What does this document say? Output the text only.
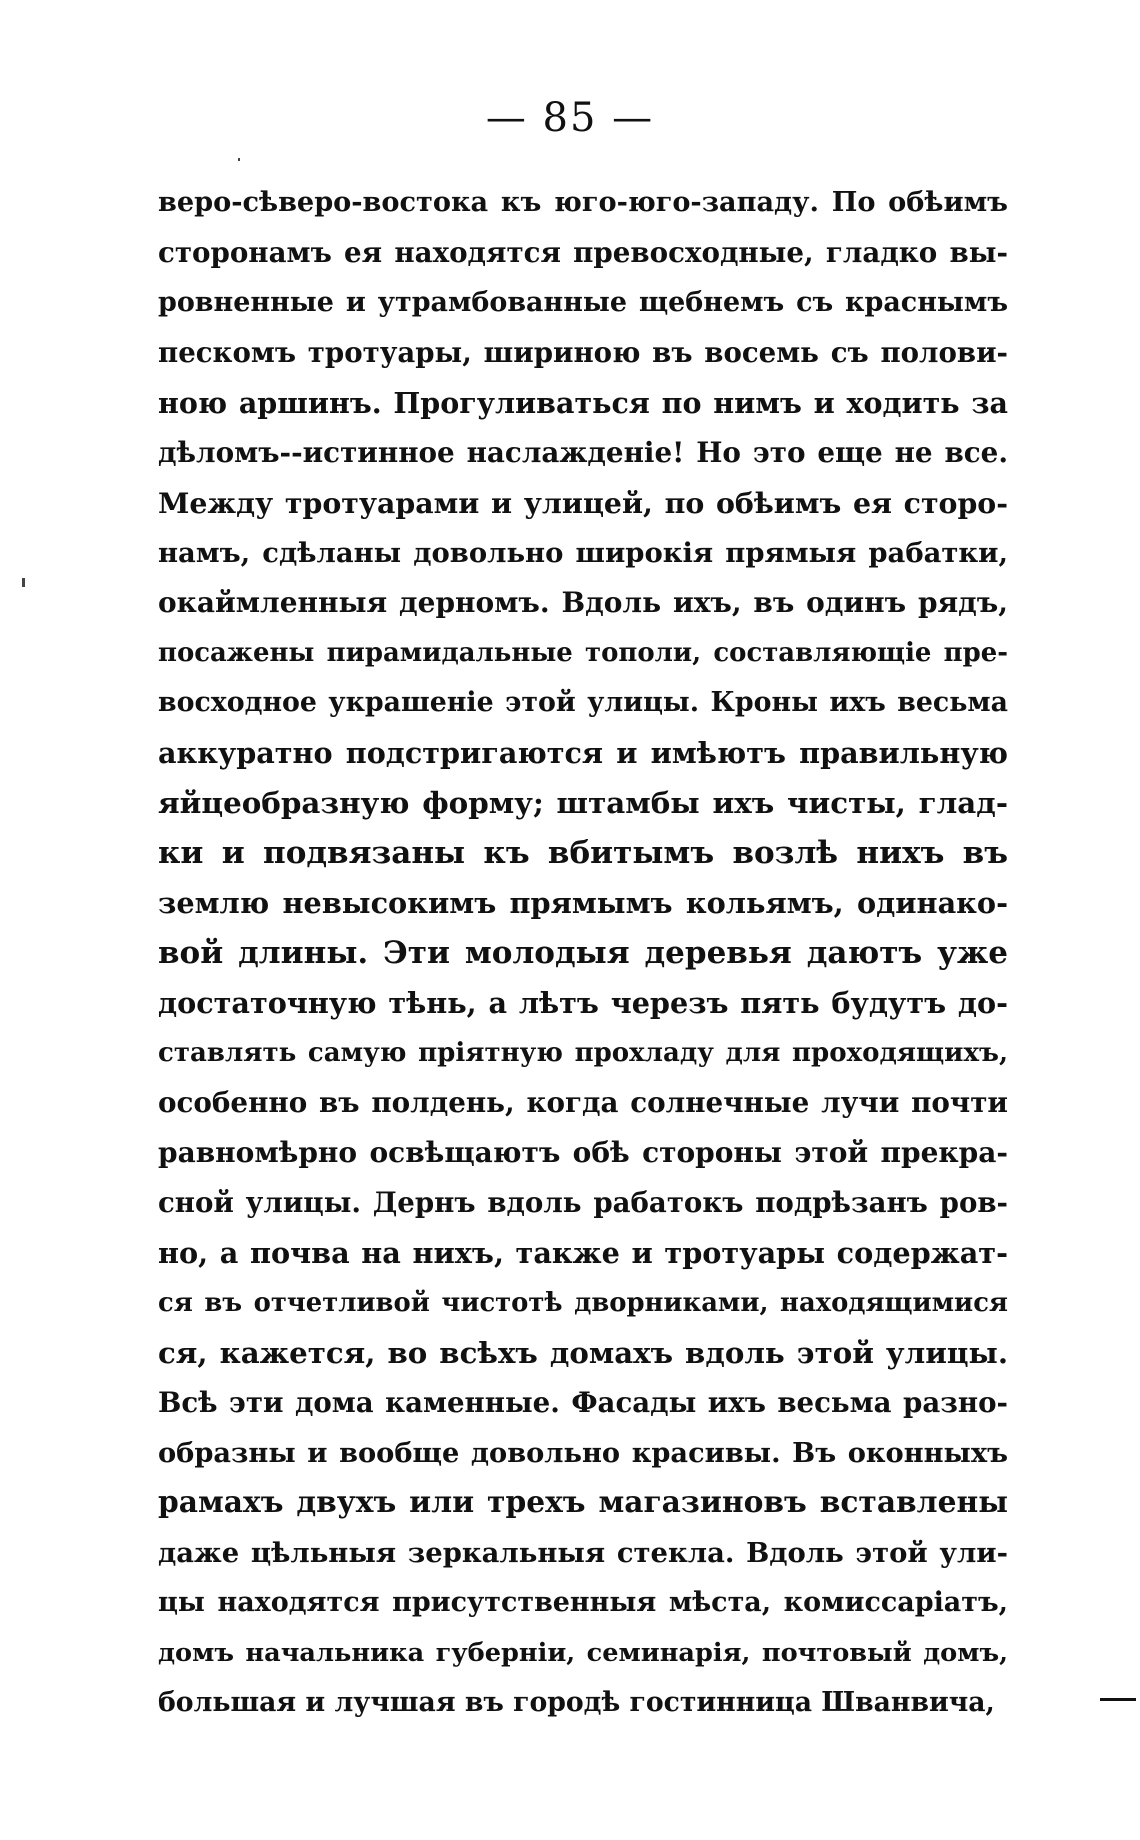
— 85 —
веро-сѣверо-востока къ юго-юго-западу. По обѣимъ
сторонамъ ея находятся превосходные, гладко вы-
ровненные и утрамбованные щебнемъ съ краснымъ
пескомъ тротуары, шириною въ восемь съ полови-
ною аршинъ. Прогуливаться по нимъ и ходить за
дѣломъ--истинное наслажденіе! Но это еще не все.
Между тротуарами и улицей, по обѣимъ ея сторо-
намъ, сдѣланы довольно широкія прямыя рабатки,
окаймленныя дерномъ. Вдоль ихъ, въ одинъ рядъ,
посажены пирамидальные тополи, составляющіе пре-
восходное украшеніе этой улицы. Кроны ихъ весьма
аккуратно подстригаются и имѣютъ правильную
яйцеобразную форму; штамбы ихъ чисты, глад-
ки и подвязаны къ вбитымъ возлѣ нихъ въ
землю невысокимъ прямымъ кольямъ, одинако-
вой длины. Эти молодыя деревья даютъ уже
достаточную тѣнь, а лѣтъ черезъ пять будутъ до-
ставлять самую пріятную прохладу для проходящихъ,
особенно въ полдень, когда солнечные лучи почти
равномѣрно освѣщаютъ обѣ стороны этой прекра-
сной улицы. Дернъ вдоль рабатокъ подрѣзанъ ров-
но, а почва на нихъ, также и тротуары содержат-
ся въ отчетливой чистотѣ дворниками, находящимися
ся, кажется, во всѣхъ домахъ вдоль этой улицы.
Всѣ эти дома каменные. Фасады ихъ весьма разно-
образны и вообще довольно красивы. Въ оконныхъ
рамахъ двухъ или трехъ магазиновъ вставлены
даже цѣльныя зеркальныя стекла. Вдоль этой ули-
цы находятся присутственныя мѣста, комиссаріатъ,
домъ начальника губерніи, семинарія, почтовый домъ,
большая и лучшая въ городѣ гостинница Шванвича,
